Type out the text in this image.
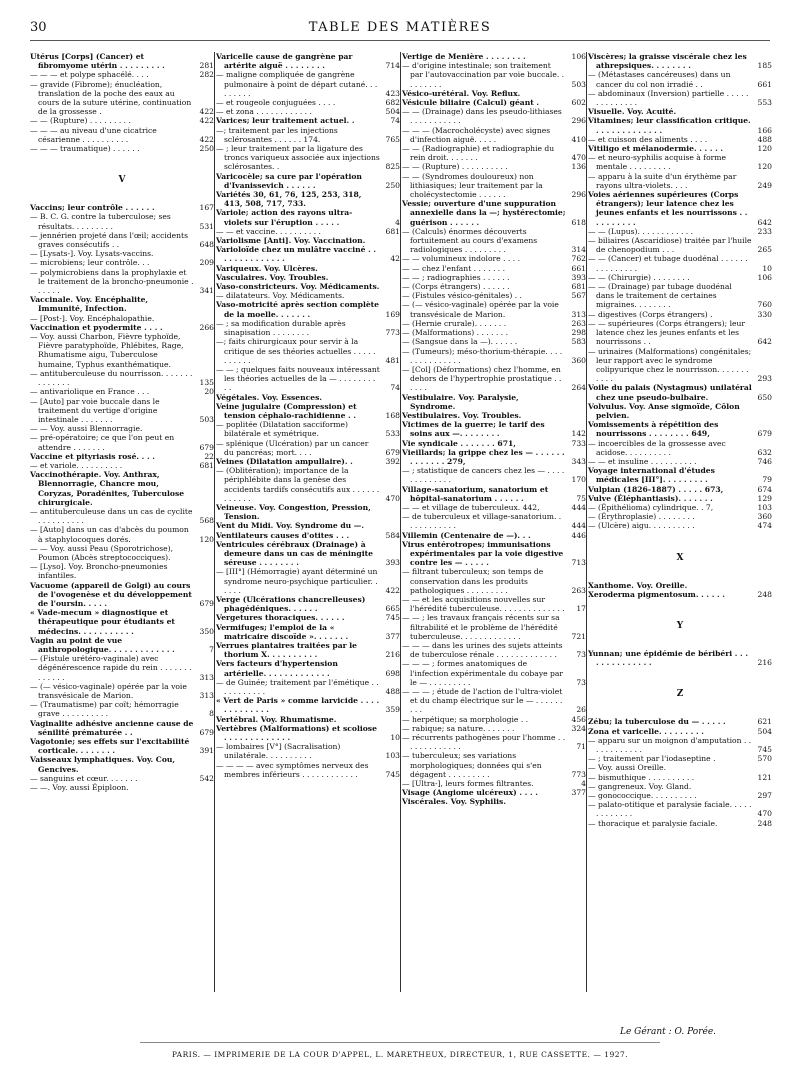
30	TABLE DES MATIÈRES
Utérus [Corps] (Cancer) et fibromyome utérin . . . . . . . . .	281
— — — et polype sphacélé. . . .	282
— gravide (Fibrome); énucléation, translation de la poche des eaux au cours de la suture utérine, continuation de la grossesse .	422
— — (Rupture) . . . . . . . . .	422
— — — au niveau d'une cicatrice césarienne . . . . . . . . . .	422
— — — traumatique) . . . . . .	250
V
Vaccins; leur contrôle . . . . . .	167
— B. C. G. contre la tuberculose; ses résultats. . . . . . . . .	531
— jennérien projeté dans l'œil; accidents graves consécutifs . .	648
— [Lysats-]. Voy. Lysats-vaccins.
— microbiens; leur contrôle. . .	209
— polymicrobiens dans la prophylaxie et le traitement de la broncho-pneumonie . . . . . .	341
Vaccinale. Voy. Encéphalite, Immunité, Infection.
— [Post-]. Voy. Encéphalopathie.
Vaccination et pyodermite . . . .	266
— Voy. aussi Charbon, Fièvre typhoïde, Fièvre paratyphoïde, Phlébites, Rage, Rhumatisme aigu, Tuberculose humaine, Typhus exanthématique.
— antituberculeuse du nourrisson. . . . . . . . . . . . . .	135
— antivariolique en France . . .	20
— [Auto] par voie buccale dans le traitement du vertige d'origine intestinale . . . . . . .	503
— — Voy. aussi Blennorragie.
— pré-opératoire; ce que l'on peut en attendre . . . . . . .	679
Vaccine et pityriasis rosé. . . .	22
— et variole. . . . . . . . . .	681
Vaccinothérapie. Voy. Anthrax, Blennorragie, Chancre mou, Coryzas, Poradénites, Tuberculose chirurgicale.
— antituberculeuse dans un cas de cyclite . . . . . . . . . .	568
— [Auto] dans un cas d'abcès du poumon à staphylocoques dorés.	120
— — Voy. aussi Peau (Sporotrichose), Poumon (Abcès streptococciques).
— [Lyso]. Voy. Broncho-pneumonies infantiles.
Vacuome (appareil de Golgi) au cours de l'ovogenèse et du développement de l'oursin. . . . .	679
« Vade-mecum » diagnostique et thérapeutique pour étudiants et médecins. . . . . . . . . . .	350
Vagin au point de vue anthropologique. . . . . . . . . . . . .	7
— (Fistule urétéro-vaginale) avec dégénérescence rapide du rein . . . . . . . . . . . . .	313
— (— vésico-vaginale) opérée par la voie transvésicale de Marion.	313
— (Traumatisme) par coït; hémorragie grave . . . . . . . . . .	8
Vaginalite adhésive ancienne cause de sénilité prématurée . .	679
Vagotonie; ses effets sur l'excitabilité corticale. . . . . . . .	391
Vaisseaux lymphatiques. Voy. Cou, Gencives.
— sanguins et cœur. . . . . . .	542
— —. Voy. aussi Épiploon.
Varicelle cause de gangrène par artérite aiguë . . . . . . . .	714
— maligne compliquée de gangrène pulmonaire à point de départ cutané. . . . . . . . .	423
— et rougeole conjuguées . . . .	682
— et zona . . . . . . . . . . . .	504
Varices; leur traitement actuel. .	74
—; traitement par les injections sclérosantes . . . . . . 174.	765
— ; leur traitement par la ligature des troncs variqueux associée aux injections sclérosantes. .	825
Varicocèle; sa cure par l'opération d'Ivanissevich . . . . . .	250
Variétés 30, 61, 76, 125, 253, 318, 413, 508, 717, 733.
Variole; action des rayons ultra-violets sur l'éruption . . . . .	4
— — et vaccine. . . . . . . . . .	681
Variolisme [Anti]. Voy. Vaccination.
Varioloïde chez un mulâtre vacciné . . . . . . . . . . . . . .	42
Variqueux. Voy. Ulcères.
Vasculaires. Voy. Troubles.
Vaso-constricteurs. Voy. Médicaments.
— dilatateurs. Voy. Médicaments.
Vaso-motricité après section complète de la moelle. . . . . . .	169
— ; sa modification durable après sinapisation . . . . . . . .	773
—; faits chirurgicaux pour servir à la critique de ses théories actuelles . . . . . . . . . . .	481
— — ; quelques faits nouveaux intéressant les théories actuelles de la — . . . . . . . . . .	74
Végétales. Voy. Essences.
Veine jugulaire (Compression) et tension céphalo-rachidienne . .	168
— poplitée (Dilatation sacciforme) bilatérale et symétrique.	533
— splénique (Ulcération) par un cancer du pancréas; mort. . . .	679
Veines (Dilatation ampullaire). .	392
— (Oblitération); importance de la périphlébite dans la genèse des accidents tardifs consécutifs aux . . . . . . . . . . . .	470
Veineuse. Voy. Congestion, Pression, Tension.
Vent du Midi. Voy. Syndrome du —.
Ventilateurs causes d'otites . . .	584
Ventricules cérébraux (Drainage) à demeure dans un cas de méningite séreuse . . . . . . . .	393
— [III°] (Hémorragie) ayant déterminé un syndrome neuro-psychique particulier. . . . . .	422
Verge (Ulcérations chancrelleuses) phagédéniques. . . . . .	665
Vergetures thoraciques. . . . . .	745
Vermifuges; l'emploi de la « matricaire discoïde ». . . . . . .	377
Verrues plantaires traitées par le thorium X. . . . . . . . . .	216
Vers facteurs d'hypertension artérielle. . . . . . . . . . . . .	698
— de Guinée; traitement par l'émétique . . . . . . . . . . .	488
« Vert de Paris » comme larvicide . . . . . . . . . . . . .	359
Vertébral. Voy. Rhumatisme.
Vertèbres (Malformations) et scoliose . . . . . . . . . . . . .	10
— lombaires [V°] (Sacralisation) unilatérale. . . . . . . . . .	103
— — — — avec symptômes nerveux des membres inférieurs . . . . . . . . . . . .	745
Vertige de Menière . . . . . . . .	106
— d'origine intestinale; son traitement par l'autovaccination par voie buccale. . . . . . . . .	503
Vésico-urétéral. Voy. Reflux.
Vésicule biliaire (Calcul) géant .	602
— — (Drainage) dans les pseudo-lithiases . . . . . . . . . . .	296
— — — (Macrocholécyste) avec signes d'infection aiguë. . . . .	410
— — (Radiographie) et radiographie du rein droit. . . . . . .	470
— — (Rupture) . . . . . . . . . .	136
— — (Syndromes douloureux) non lithiasiques; leur traitement par la cholécystectomie . . . . . .	296
Vessie; ouverture d'une suppuration annexielle dans la —; hystérectomie; guérison . . . . . .	618
— (Calculs) énormes découverts fortuitement au cours d'examens radiologiques . . . . . . . . .	314
— — volumineux indolore . . . .	762
— — chez l'enfant . . . . . . .	661
— — ; radiographies . . . . . .	393
— (Corps étrangers) . . . . . .	681
— (Fistules vésico-génitales) . .	567
— (— vésico-vaginale) opérée par la voie transvésicale de Marion.	313
— (Hernie crurale). . . . . . .	263
— (Malformations) . . . . . . .	298
— (Sangsue dans la —). . . . . .	583
— (Tumeurs); méso-thorium-thérapie. . . . . . . . . . . . . . .	360
— [Col] (Déformations) chez l'homme, en dehors de l'hypertrophie prostatique . . . . . .	264
Vestibulaire. Voy. Paralysie, Syndrome.
Vestibulaires. Voy. Troubles.
Victimes de la guerre; le tarif des soins aux —. . . . . . . .	142
Vie syndicale . . . . . . . 671,	733
Vieillards; la grippe chez les — . . . . . . . . . . . . . 279,	343
— ; statistique de cancers chez les — . . . . . . . . . . . . .	170
Village-sanatorium, sanatorium et hôpital-sanatorium . . . . . .	75
— — et village de tuberculeux. 442,	444
— de tuberculeux et village-sanatorium. . . . . . . . . . . .	444
Villemin (Centenaire de —). . .	446
Virus entérotropes; immunisations expérimentales par la voie digestive contre les — . . . . .	713
— filtrant tuberculeux; son temps de conservation dans les produits pathologiques . . . . . . . . .	263
— — et les acquisitions nouvelles sur l'hérédité tuberculeuse. . . . . . . . . . . . . . 17
— — ; les travaux français récents sur sa filtrabilité et le problème de l'hérédité tuberculeuse. . . . . . . . . . . . .	721
— — — dans les urines des sujets atteints de tuberculose rénale . . . . . . . . . . . . .	73
— — — ; formes anatomiques de l'infection expérimentale du cobaye par le — . . . . . . . . .	73
— — — ; étude de l'action de l'ultra-violet et du champ électrique sur le — . . . . . . . . .	26
— herpétique; sa morphologie . .	456
— rabique; sa nature. . . . . . .	324
— récurrents pathogènes pour l'homme . . . . . . . . . . . . .	71
— tuberculeux; ses variations morphologiques; données qui s'en dégagent . . . . . . . . .	773
— [Ultra-], leurs formes filtrantes.	4
Visage (Angiome ulcéreux) . . . .	377
Viscérales. Voy. Syphilis.
Viscères; la graisse viscérale chez les athrepsiques. . . . . . . .	185
— (Métastases cancéreuses) dans un cancer du col non irradié . .	661
— abdominaux (Inversion) partielle . . . . . . . . . . . . . .	553
Visuelle. Voy. Acuité.
Vitamines; leur classification critique. . . . . . . . . . . . . .	166
— et cuisson des aliments . . . .	488
Vitiligo et mélanodermie. . . . . .	120
— et neuro-syphilis acquise à forme mentale . . . . . . . . .	120
— apparu à la suite d'un érythème par rayons ultra-violets. . . .	249
Voies aériennes supérieures (Corps étrangers); leur latence chez les jeunes enfants et les nourrissons . . . . . . . . . .	642
— — (Lupus). . . . . . . . . . . .	233
— biliaires (Ascaridiose) traitée par l'huile de chenopodium . . .	265
— — (Cancer) et tubage duodénal . . . . . . . . . . . . . . .	10
— — (Chirurgie) . . . . . . . .	106
— — (Drainage) par tubage duodénal dans le traitement de certaines migraines. . . . . . . .	760
— digestives (Corps étrangers) .	330
— — supérieures (Corps étrangers); leur latence chez les jeunes enfants et les nourrissons . .	642
— urinaires (Malformations) congénitales; leur rapport avec le syndrome colipyurique chez le nourrisson. . . . . . . . . . .	293
Voile du palais (Nystagmus) unilatéral chez une pseudo-bulbaire.	650
Volvulus. Voy. Anse sigmoïde, Côlon pelvien.
Vomissements à répétition des nourrissons . . . . . . . . 649,	679
— incoercibles de la grossesse avec acidose. . . . . . . . . .	632
— — et insuline . . . . . . . . . .	746
Voyage international d'études médicales [III°]. . . . . . . . .	79
Vulpian (1826-1887) . . . . . 673,	674
Vulve (Éléphantiasis). . . . . . .	129
— (Épithélioma) cylindrique. . 7,	103
— (Érythroplasie) . . . . . . . .	360
— (Ulcère) aigu. . . . . . . . . .	474
X
Xanthome. Voy. Oreille.
Xeroderma pigmentosum. . . . . .	248
Y
Yunnan; une épidémie de béribéri . . . . . . . . . . . . . .	216
Z
Zébu; la tuberculose du — . . . . .	621
Zona et varicelle. . . . . . . . .	504
— apparu sur un moignon d'amputation . . . . . . . . . . . .	745
— ; traitement par l'iodaseptine .	570
— Voy. aussi Oreille.
— bismuthique . . . . . . . . . .	121
— gangreneux. Voy. Gland.
— gonococcique. . . . . . . . . .	297
— palato-otitique et paralysie faciale. . . . . . . . . . . . .	470
— thoracique et paralysie faciale.	248
Le Gérant : O. Porée.
PARIS. — IMPRIMERIE DE LA COUR D'APPEL, L. MARETHEUX, DIRECTEUR, 1, RUE CASSETTE. — 1927.
